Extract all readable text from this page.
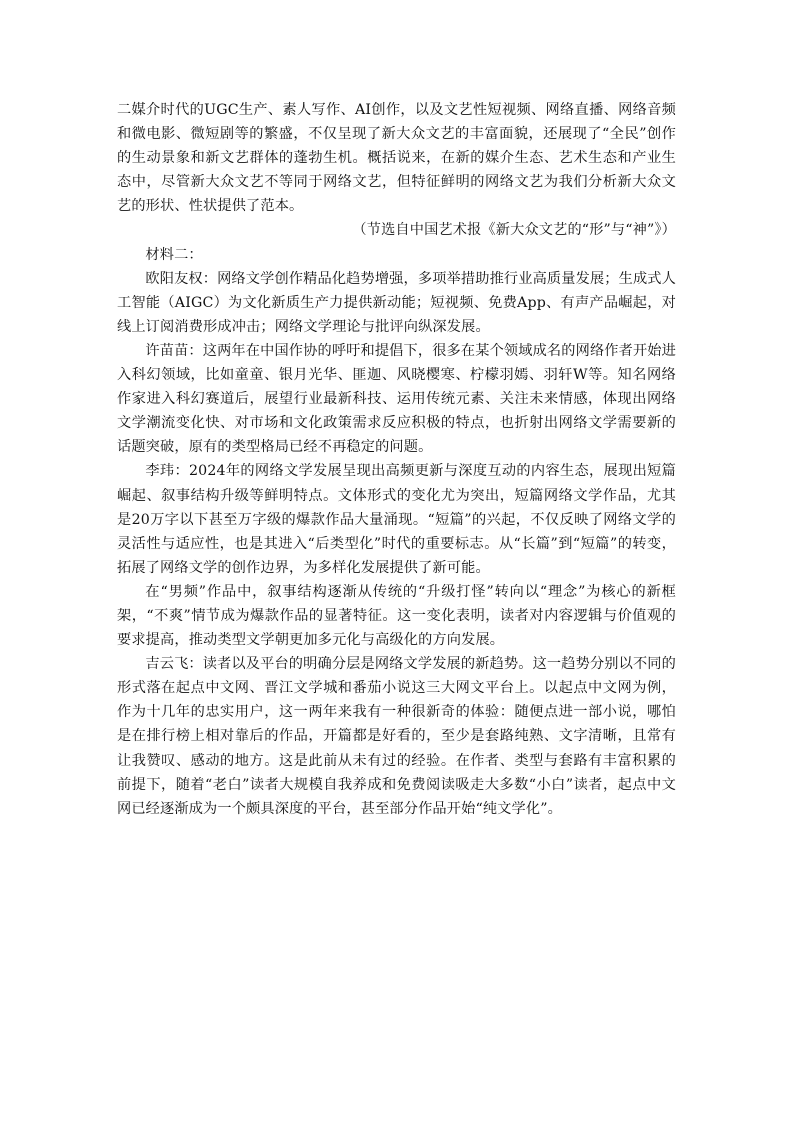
二媒介时代的UGC生产、素人写作、AI创作，以及文艺性短视频、网络直播、网络音频和微电影、微短剧等的繁盛，不仅呈现了新大众文艺的丰富面貌，还展现了“全民”创作的生动景象和新文艺群体的蓬勃生机。概括说来，在新的媒介生态、艺术生态和产业生态中，尽管新大众文艺不等同于网络文艺，但特征鲜明的网络文艺为我们分析新大众文艺的形状、性状提供了范本。

（节选自中国艺术报《新大众文艺的“形”与“神”》）

材料二：

欧阳友权：网络文学创作精品化趋势增强，多项举措助推行业高质量发展；生成式人工智能（AIGC）为文化新质生产力提供新动能；短视频、免费App、有声产品崛起，对线上订阅消费形成冲击；网络文学理论与批评向纵深发展。

许苗苗：这两年在中国作协的呼吁和提倡下，很多在某个领域成名的网络作者开始进入科幻领域，比如童童、银月光华、匪迦、风晓樱寒、柠檬羽嫣、羽轩W等。知名网络作家进入科幻赛道后，展望行业最新科技、运用传统元素、关注未来情感，体现出网络文学潮流变化快、对市场和文化政策需求反应积极的特点，也折射出网络文学需要新的话题突破，原有的类型格局已经不再稳定的问题。

李玮：2024年的网络文学发展呈现出高频更新与深度互动的内容生态，展现出短篇崛起、叙事结构升级等鲜明特点。文体形式的变化尤为突出，短篇网络文学作品，尤其是20万字以下甚至万字级的爆款作品大量涌现。“短篇”的兴起，不仅反映了网络文学的灵活性与适应性，也是其进入“后类型化”时代的重要标志。从“长篇”到“短篇”的转变，拓展了网络文学的创作边界，为多样化发展提供了新可能。

在“男频”作品中，叙事结构逐渐从传统的“升级打怪”转向以“理念”为核心的新框架，“不爽”情节成为爆款作品的显著特征。这一变化表明，读者对内容逻辑与价值观的要求提高，推动类型文学朝更加多元化与高级化的方向发展。

吉云飞：读者以及平台的明确分层是网络文学发展的新趋势。这一趋势分别以不同的形式落在起点中文网、晋江文学城和番茄小说这三大网文平台上。以起点中文网为例，作为十几年的忠实用户，这一两年来我有一种很新奇的体验：随便点进一部小说，哪怕是在排行榜上相对靠后的作品，开篇都是好看的，至少是套路纯熟、文字清晰，且常有让我赞叹、感动的地方。这是此前从未有过的经验。在作者、类型与套路有丰富积累的前提下，随着“老白”读者大规模自我养成和免费阅读吸走大多数“小白”读者，起点中文网已经逐渐成为一个颇具深度的平台，甚至部分作品开始“纯文学化”。
